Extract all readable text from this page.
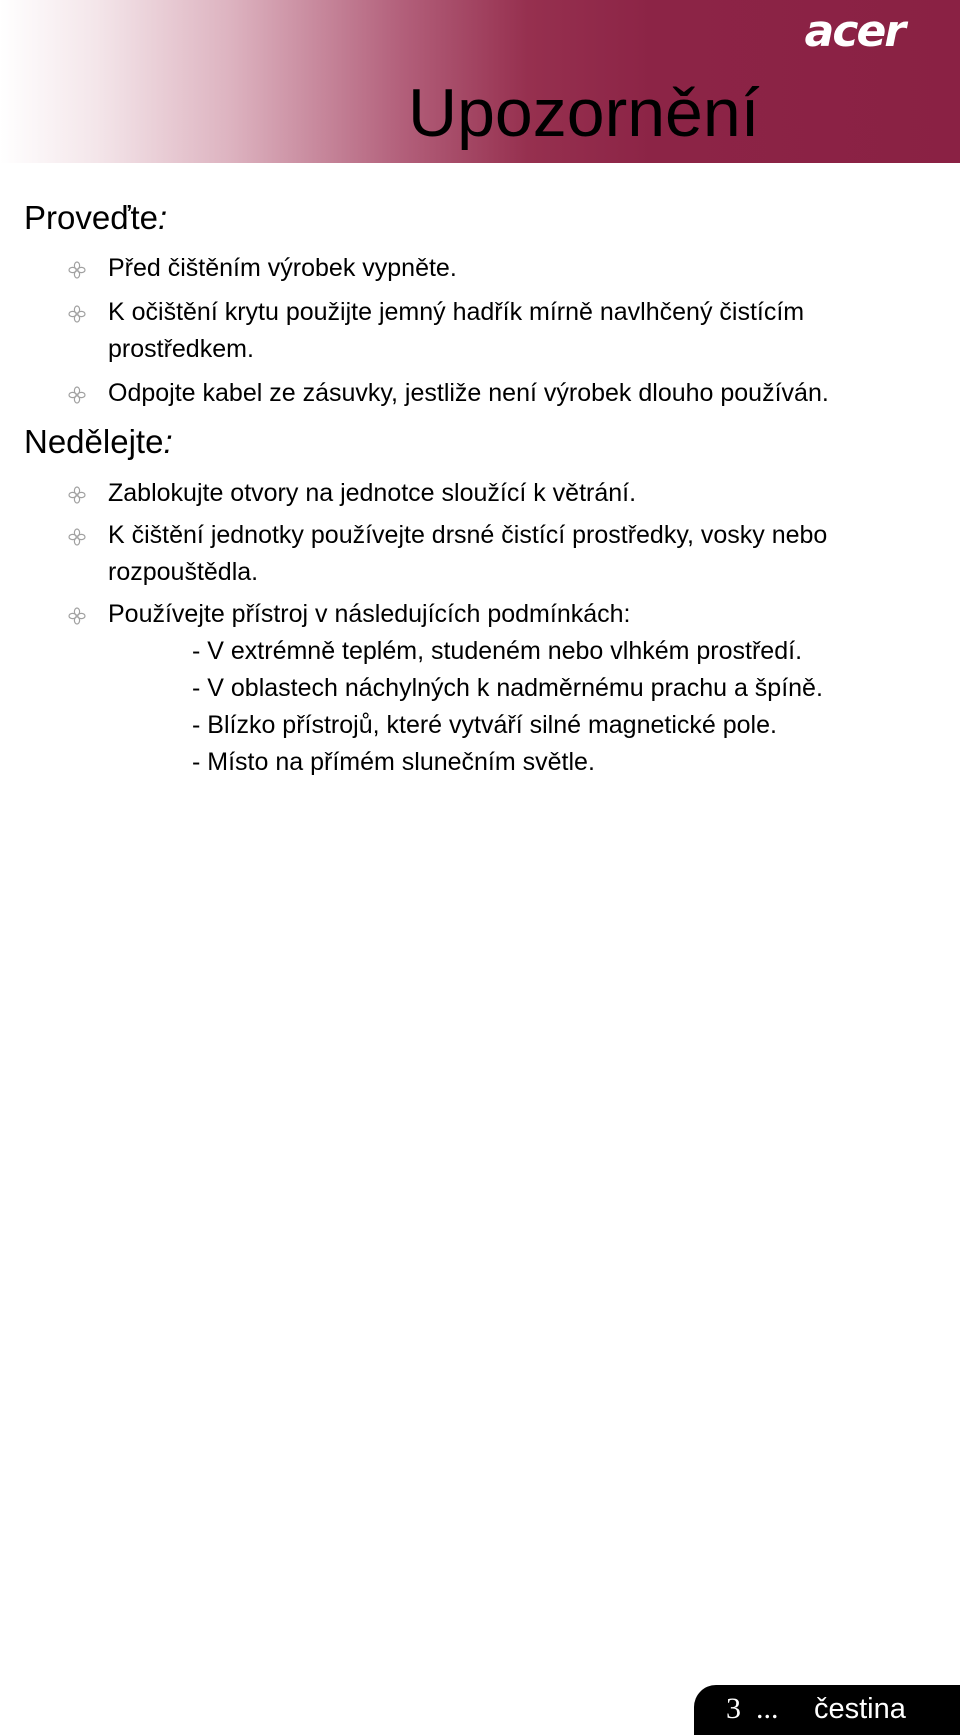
acer
Upozornění
Proveďte:
Před čištěním výrobek vypněte.
K očištění krytu použijte jemný hadřík mírně navlhčený čistícím prostředkem.
Odpojte kabel ze zásuvky, jestliže není výrobek dlouho používán.
Nedělejte:
Zablokujte otvory na jednotce sloužící k větrání.
K čištění jednotky používejte drsné čistící prostředky, vosky nebo rozpouštědla.
Používejte přístroj v následujících podmínkách:
- V extrémně teplém, studeném nebo vlhkém prostředí.
- V oblastech náchylných k nadměrnému prachu a špíně.
- Blízko přístrojů, které vytváří silné magnetické pole.
- Místo na přímém slunečním světle.
3 ... čestina
